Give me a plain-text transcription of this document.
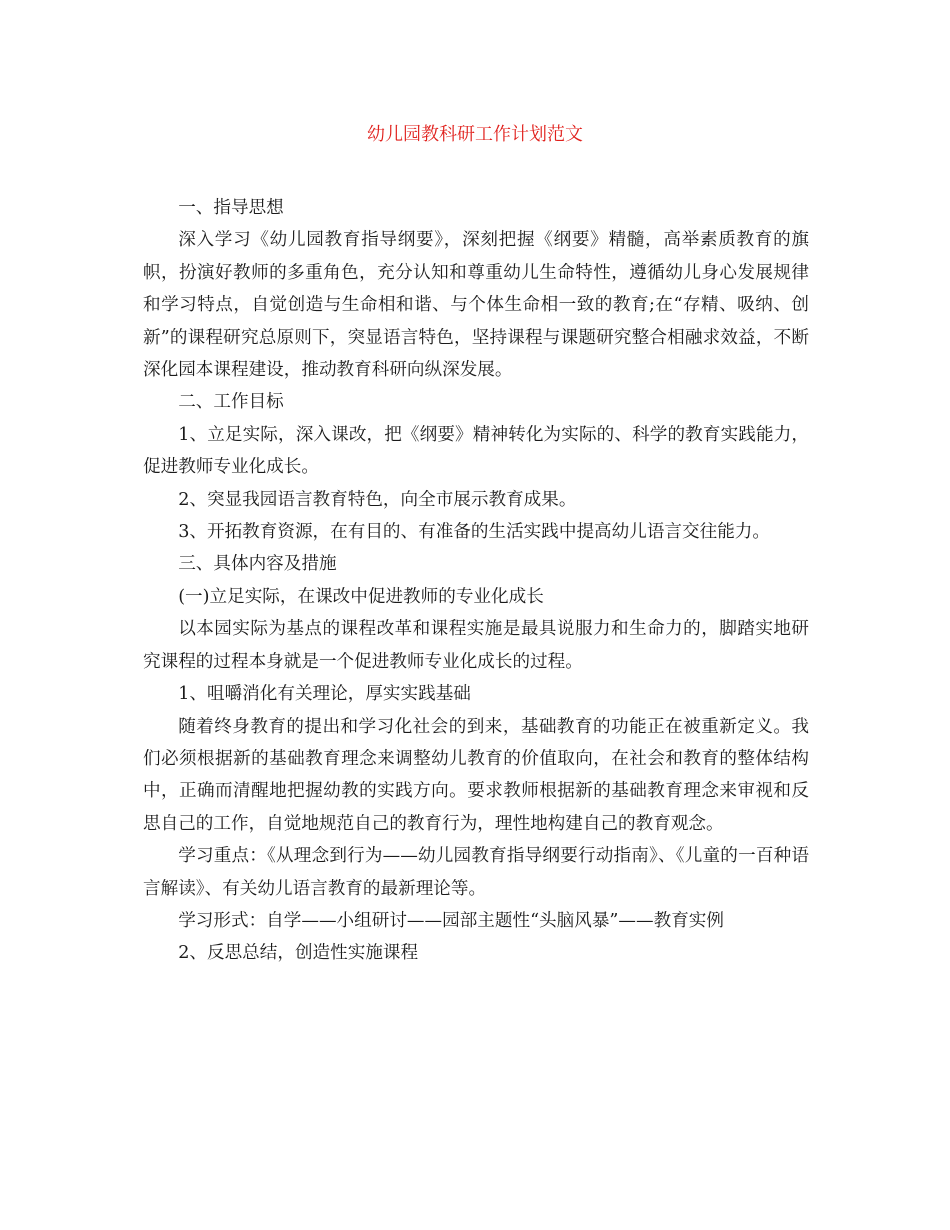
幼儿园教科研工作计划范文

一、指导思想

深入学习《幼儿园教育指导纲要》，深刻把握《纲要》精髓，高举素质教育的旗帜，扮演好教师的多重角色，充分认知和尊重幼儿生命特性，遵循幼儿身心发展规律和学习特点，自觉创造与生命相和谐、与个体生命相一致的教育;在“存精、吸纳、创新”的课程研究总原则下，突显语言特色，坚持课程与课题研究整合相融求效益，不断深化园本课程建设，推动教育科研向纵深发展。

二、工作目标

1、立足实际，深入课改，把《纲要》精神转化为实际的、科学的教育实践能力，促进教师专业化成长。

2、突显我园语言教育特色，向全市展示教育成果。

3、开拓教育资源，在有目的、有准备的生活实践中提高幼儿语言交往能力。

三、具体内容及措施

(一)立足实际，在课改中促进教师的专业化成长

以本园实际为基点的课程改革和课程实施是最具说服力和生命力的，脚踏实地研究课程的过程本身就是一个促进教师专业化成长的过程。

1、咀嚼消化有关理论，厚实实践基础

随着终身教育的提出和学习化社会的到来，基础教育的功能正在被重新定义。我们必须根据新的基础教育理念来调整幼儿教育的价值取向，在社会和教育的整体结构中，正确而清醒地把握幼教的实践方向。要求教师根据新的基础教育理念来审视和反思自己的工作，自觉地规范自己的教育行为，理性地构建自己的教育观念。

学习重点：《从理念到行为——幼儿园教育指导纲要行动指南》、《儿童的一百种语言解读》、有关幼儿语言教育的最新理论等。

学习形式：自学——小组研讨——园部主题性“头脑风暴”——教育实例

2、反思总结，创造性实施课程
